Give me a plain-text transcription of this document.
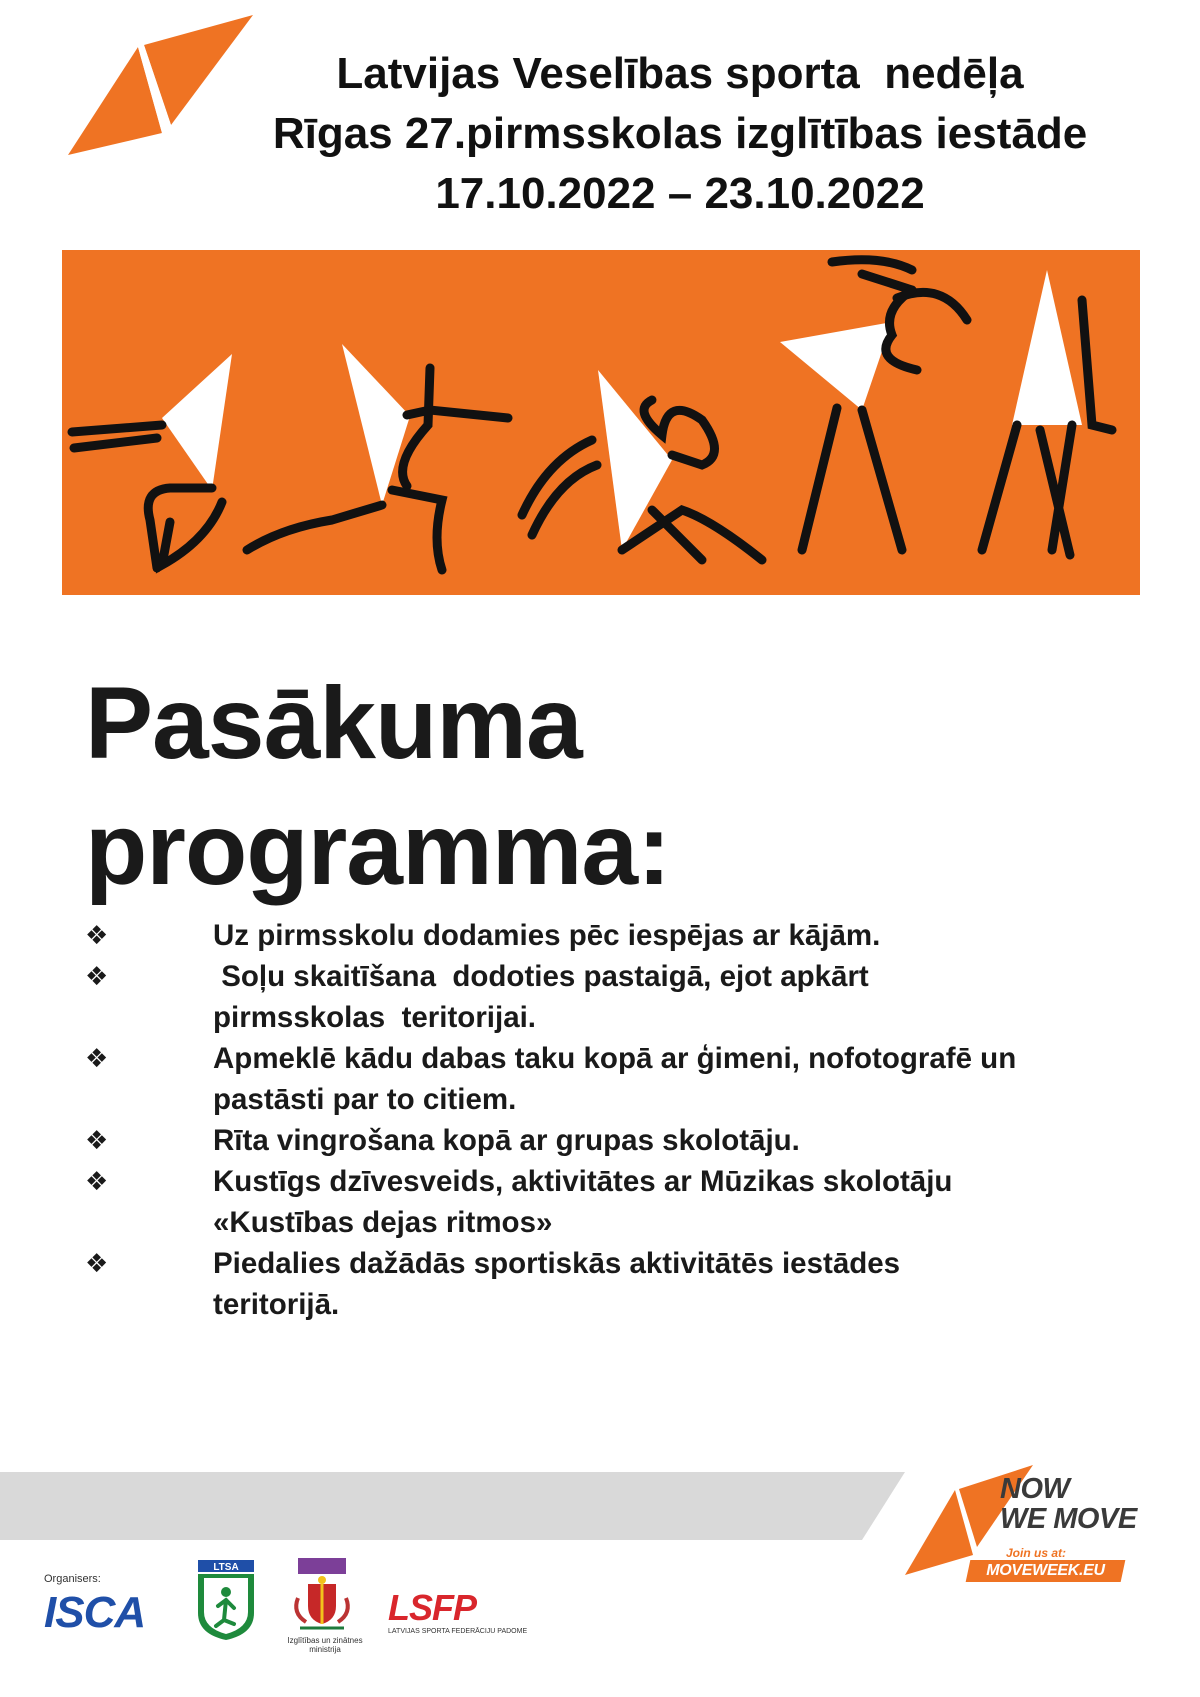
Latvijas Veselības sporta  nedēļa
Rīgas 27.pirmsskolas izglītības iestāde
17.10.2022 – 23.10.2022
Pasākuma
programma:
❖	Uz pirmsskolu dodamies pēc iespējas ar kājām.
❖	Soļu skaitīšana  dodoties pastaigā, ejot apkārt
pirmsskolas  teritorijai.
❖	Apmeklē kādu dabas taku kopā ar ģimeni, nofotografē un
pastāsti par to citiem.
❖	Rīta vingrošana kopā ar grupas skolotāju.
❖	Kustīgs dzīvesveids, aktivitātes ar Mūzikas skolotāju
«Kustības dejas ritmos»
❖	Piedalies dažādās sportiskās aktivitātēs iestādes
teritorijā.
Organisers:
ISCA
LTSA
Izglītības un zinātnes ministrija
LSFP
LATVIJAS SPORTA FEDERĀCIJU PADOME
NOW
WE MOVE
Join us at:
MOVEWEEK.EU
